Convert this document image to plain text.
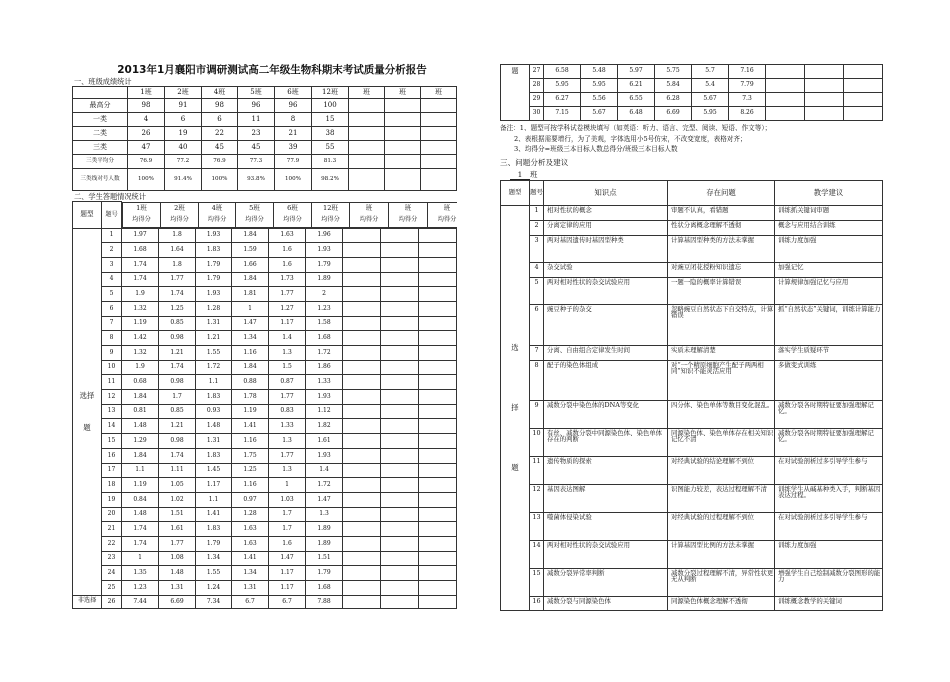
2013年1月襄阳市调研测试高二年级生物科期末考试质量分析报告
一、班级成绩统计
	1班	2班	4班	5班	6班	12班	班	班	班
最高分	98	91	98	96	96	100			
一类	4	6	6	11	8	15			
二类	26	19	22	23	21	38			
三类	47	40	45	45	39	55			
三类平均分	76.9	77.2	76.9	77.3	77.9	81.3			
三类线对号人数	100%	91.4%	100%	93.8%	100%	98.2%			
二、学生答题情况统计
题型	题号	
1班	2班	4班	5班	6班	12班	班	班	班
均得分	均得分	均得分	均得分	均得分	均得分	均得分	均得分	均得分

选择题	1	1.97	1.8	1.93	1.84	1.63	1.96			
2	1.68	1.64	1.83	1.59	1.6	1.93			
3	1.74	1.8	1.79	1.66	1.6	1.79			
4	1.74	1.77	1.79	1.84	1.73	1.89			
5	1.9	1.74	1.93	1.81	1.77	2			
6	1.32	1.25	1.28	1	1.27	1.23			
7	1.19	0.85	1.31	1.47	1.17	1.58			
8	1.42	0.98	1.21	1.34	1.4	1.68			
9	1.32	1.21	1.55	1.16	1.3	1.72			
10	1.9	1.74	1.72	1.84	1.5	1.86			
11	0.68	0.98	1.1	0.88	0.87	1.33			
12	1.84	1.7	1.83	1.78	1.77	1.93			
13	0.81	0.85	0.93	1.19	0.83	1.12			
14	1.48	1.21	1.48	1.41	1.33	1.82			
15	1.29	0.98	1.31	1.16	1.3	1.61			
16	1.84	1.74	1.83	1.75	1.77	1.93			
17	1.1	1.11	1.45	1.25	1.3	1.4			
18	1.19	1.05	1.17	1.16	1	1.72			
19	0.84	1.02	1.1	0.97	1.03	1.47			
20	1.48	1.51	1.41	1.28	1.7	1.3			
21	1.74	1.61	1.83	1.63	1.7	1.89			
22	1.74	1.77	1.79	1.63	1.6	1.89			
23	1	1.08	1.34	1.41	1.47	1.51			
24	1.35	1.48	1.55	1.34	1.17	1.79			
25	1.23	1.31	1.24	1.31	1.17	1.68			
非选择	26	7.44	6.69	7.34	6.7	6.7	7.88			
题	27	6.58	5.48	5.97	5.75	5.7	7.16			
	28	5.95	5.95	6.21	5.84	5.4	7.79			
	29	6.27	5.56	6.55	6.28	5.67	7.3			
	30	7.15	5.67	6.48	6.69	5.95	8.26			
备注：1、题型可按学科试卷模块填写（如英语：听力、语言、完型、阅读、短语、作文等）；
2、表根据需要增行，为了美观，字体选用小5号仿宋，不改变宽度，表格对齐；
3、均得分=班级三本目标人数总得分/班级三本目标人数
三、问题分析及建议
1 班
题型	题号	知识点	存在问题	教学建议
选择题	1	相对性状的概念	审题不认真，看错题	训练抓关键词审题
	2	分离定律的应用	性状分离概念理解不透彻	概念与应用结合训练
	3	两对基因遗传时基因型种类	计算基因型种类的方法未掌握	训练力度加强
	4	杂交试验	对豌豆闭花授粉知识遗忘	加强记忆
	5	两对相对性状的杂交试验应用	一题一隐的概率计算错误	计算规律加强记忆与应用
	6	豌豆种子的杂交	忽略豌豆自然状态下自交特点，计算错误	抓“自然状态”关键词，训练计算能力
	7	分离、自由组合定律发生时间	实质未理解清楚	落实学生质疑环节
	8	配子的染色体组成	对“一个精原细胞产生配子两两相同”知识不能灵活应用	多做变式训练
	9	减数分裂中染色体的DNA等变化	四分体、染色单体等数目变化混乱。	减数分裂各时期特征要加强理解记忆。
	10	有丝、减数分裂中同源染色体、染色单体存在的判断	同源染色体、染色单体存在相关知识记忆不清	减数分裂各时期特征要加强理解记忆。
	11	遗传物质的探索	对经典试验的结论理解不到位	在对试验剖析过多引导学生参与
	12	基因表达图解	识图能力较差，表达过程理解不清	训练学生从碱基种类入手，判断基因表达过程。
	13	噬菌体侵染试验	对经典试验的过程理解不到位	在对试验剖析过多引导学生参与
	14	两对相对性状的杂交试验应用	计算基因型比例的方法未掌握	训练力度加强
	15	减数分裂异常率判断	减数分裂过程理解不清，异常性状更无从判断	增强学生自己绘制减数分裂图形的能力
	16	减数分裂与同源染色体	同源染色体概念理解不透彻	训练概念教学的关键词
